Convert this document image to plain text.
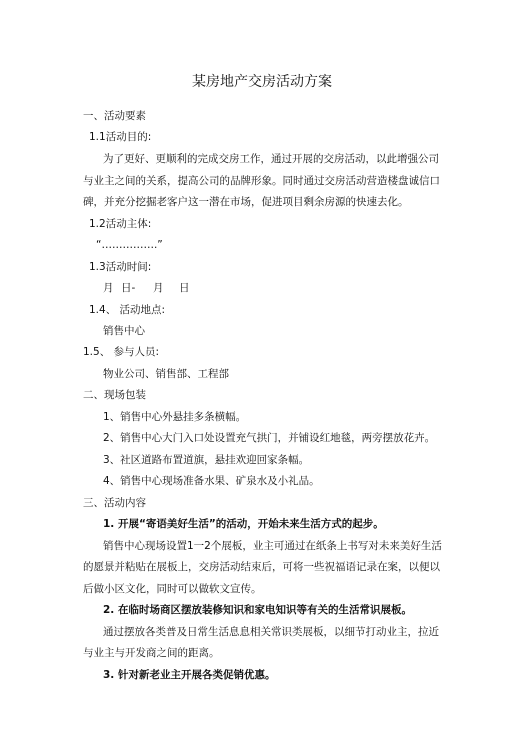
某房地产交房活动方案

一、活动要素

1.1活动目的:

为了更好、更顺利的完成交房工作，通过开展的交房活动，以此增强公司

与业主之间的关系，提高公司的品牌形象。同时通过交房活动营造楼盘诚信口

碑，并充分挖掘老客户这一潜在市场，促进项目剩余房源的快速去化。

1.2活动主体:

“…………….”

1.3活动时间:

月 日- 月 日

1.4、 活动地点:

销售中心

1.5、 参与人员:

物业公司、销售部、工程部

二、现场包装

1、销售中心外悬挂多条横幅。

2、销售中心大门入口处设置充气拱门，并铺设红地毯，两旁摆放花卉。

3、社区道路布置道旗，悬挂欢迎回家条幅。

4、销售中心现场准备水果、矿泉水及小礼品。

三、活动内容

1. 开展“寄语美好生活”的活动，开始未来生活方式的起步。

销售中心现场设置1一2个展板，业主可通过在纸条上书写对未来美好生活

的愿景并粘贴在展板上，交房活动结束后，可将一些祝福语记录在案，以便以

后做小区文化，同时可以做软文宣传。

2. 在临时场商区摆放装修知识和家电知识等有关的生活常识展板。

通过摆放各类普及日常生活息息相关常识类展板，以细节打动业主，拉近

与业主与开发商之间的距离。

3. 针对新老业主开展各类促销优惠。
